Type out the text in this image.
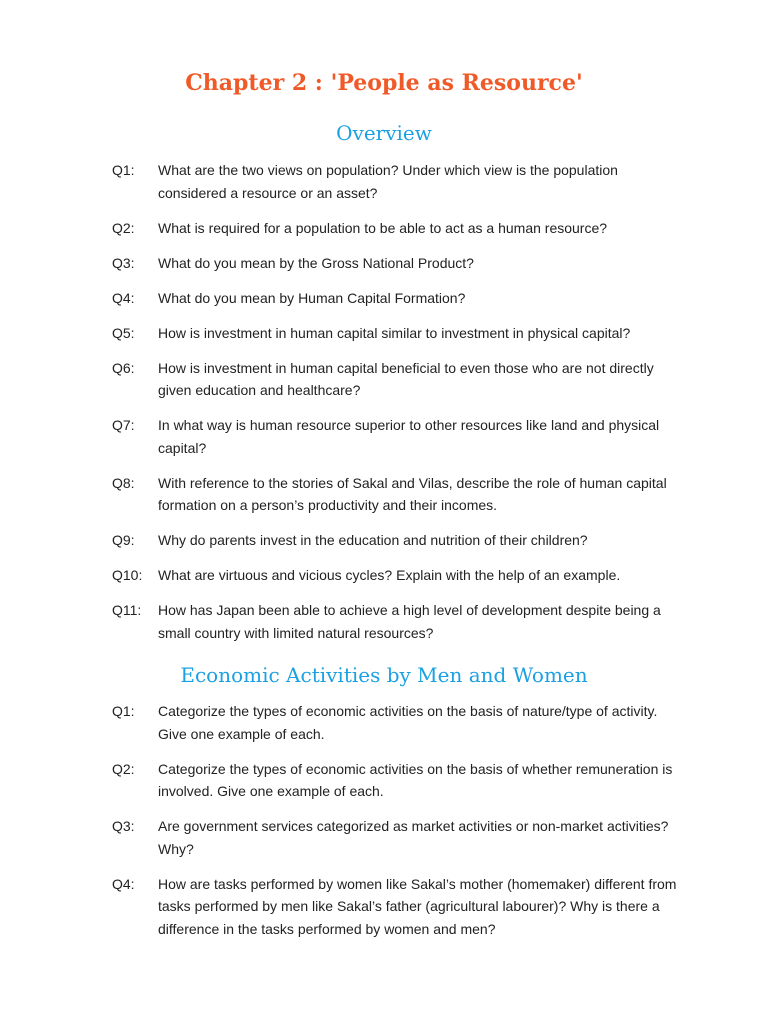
Chapter 2 : 'People as Resource'
Overview
Q1:	What are the two views on population? Under which view is the population considered a resource or an asset?
Q2:	What is required for a population to be able to act as a human resource?
Q3:	What do you mean by the Gross National Product?
Q4:	What do you mean by Human Capital Formation?
Q5:	How is investment in human capital similar to investment in physical capital?
Q6:	How is investment in human capital beneficial to even those who are not directly given education and healthcare?
Q7:	In what way is human resource superior to other resources like land and physical capital?
Q8:	With reference to the stories of Sakal and Vilas, describe the role of human capital formation on a person’s productivity and their incomes.
Q9:	Why do parents invest in the education and nutrition of their children?
Q10:	What are virtuous and vicious cycles? Explain with the help of an example.
Q11:	How has Japan been able to achieve a high level of development despite being a small country with limited natural resources?
Economic Activities by Men and Women
Q1:	Categorize the types of economic activities on the basis of nature/type of activity. Give one example of each.
Q2:	Categorize the types of economic activities on the basis of whether remuneration is involved. Give one example of each.
Q3:	Are government services categorized as market activities or non-market activities? Why?
Q4:	How are tasks performed by women like Sakal’s mother (homemaker) different from tasks performed by men like Sakal’s father (agricultural labourer)? Why is there a difference in the tasks performed by women and men?
